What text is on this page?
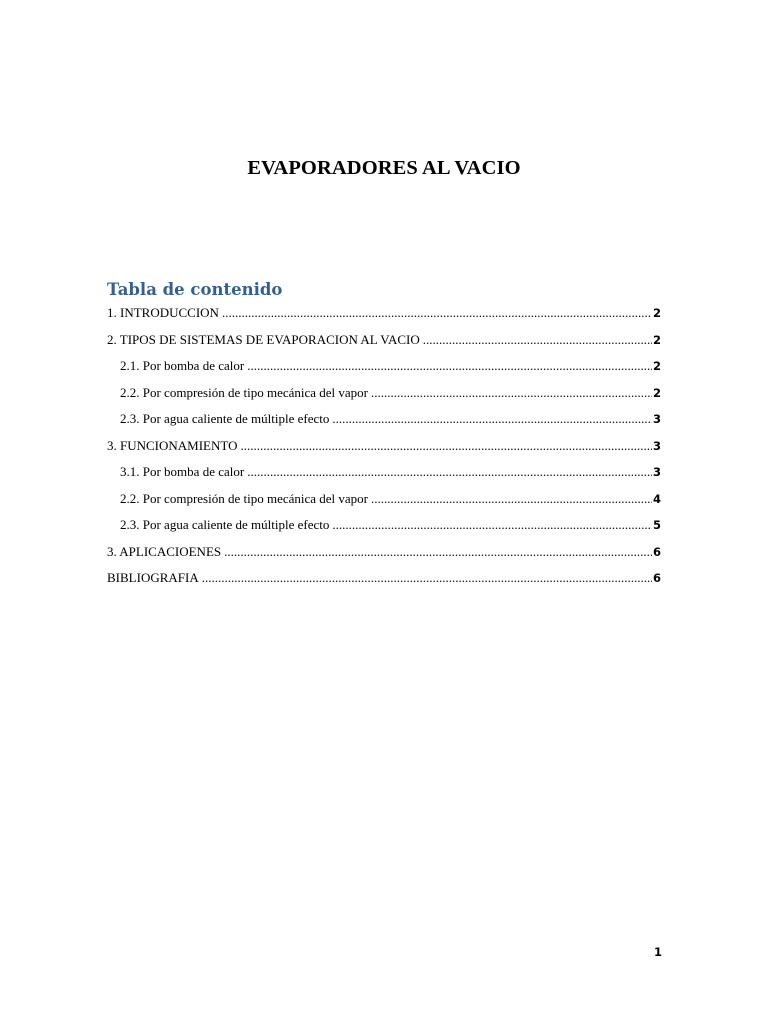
EVAPORADORES AL VACIO
Tabla de contenido
1. INTRODUCCION .....	2
2. TIPOS DE SISTEMAS DE EVAPORACION AL VACIO .....	2
2.1. Por bomba de calor .....	2
2.2. Por compresión de tipo mecánica del vapor .....	2
2.3. Por agua caliente de múltiple efecto .....	3
3. FUNCIONAMIENTO .....	3
3.1. Por bomba de calor .....	3
2.2. Por compresión de tipo mecánica del vapor .....	4
2.3. Por agua caliente de múltiple efecto .....	5
3. APLICACIOENES .....	6
BIBLIOGRAFIA .....	6
1
